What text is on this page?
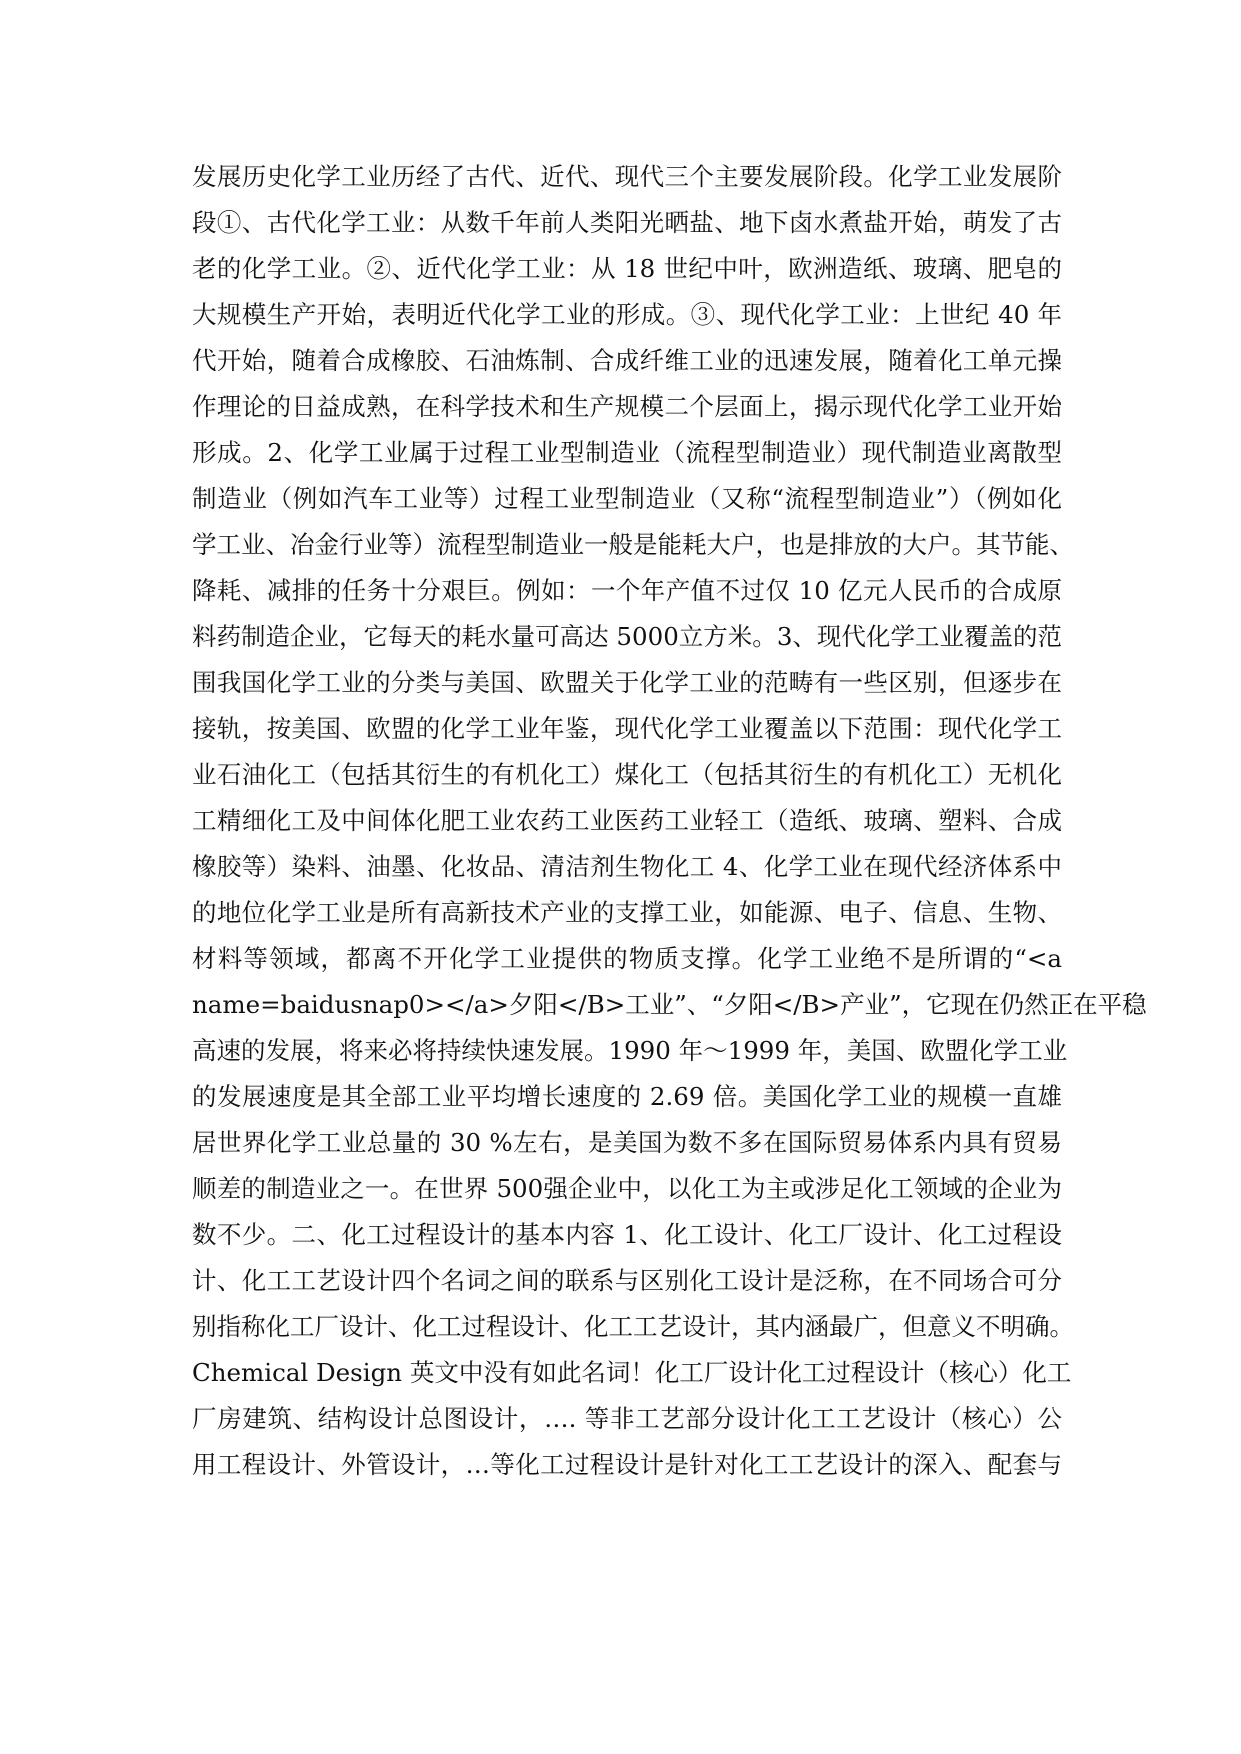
发展历史化学工业历经了古代、近代、现代三个主要发展阶段。化学工业发展阶
段①、古代化学工业：从数千年前人类阳光晒盐、地下卤水煮盐开始，萌发了古
老的化学工业。②、近代化学工业：从 18 世纪中叶，欧洲造纸、玻璃、肥皂的
大规模生产开始，表明近代化学工业的形成。③、现代化学工业：上世纪 40 年
代开始，随着合成橡胶、石油炼制、合成纤维工业的迅速发展，随着化工单元操
作理论的日益成熟，在科学技术和生产规模二个层面上，揭示现代化学工业开始
形成。2、化学工业属于过程工业型制造业（流程型制造业）现代制造业离散型
制造业（例如汽车工业等）过程工业型制造业（又称“流程型制造业”）（例如化
学工业、冶金行业等）流程型制造业一般是能耗大户，也是排放的大户。其节能、
降耗、减排的任务十分艰巨。例如：一个年产值不过仅 10 亿元人民币的合成原
料药制造企业，它每天的耗水量可高达 5000立方米。3、现代化学工业覆盖的范
围我国化学工业的分类与美国、欧盟关于化学工业的范畴有一些区别，但逐步在
接轨，按美国、欧盟的化学工业年鉴，现代化学工业覆盖以下范围：现代化学工
业石油化工（包括其衍生的有机化工）煤化工（包括其衍生的有机化工）无机化
工精细化工及中间体化肥工业农药工业医药工业轻工（造纸、玻璃、塑料、合成
橡胶等）染料、油墨、化妆品、清洁剂生物化工 4、化学工业在现代经济体系中
的地位化学工业是所有高新技术产业的支撑工业，如能源、电子、信息、生物、
材料等领域，都离不开化学工业提供的物质支撑。化学工业绝不是所谓的“<a
name=baidusnap0></a>夕阳</B>工业”、“夕阳</B>产业”，它现在仍然正在平稳
高速的发展，将来必将持续快速发展。1990 年～1999 年，美国、欧盟化学工业
的发展速度是其全部工业平均增长速度的 2.69 倍。美国化学工业的规模一直雄
居世界化学工业总量的 30 %左右，是美国为数不多在国际贸易体系内具有贸易
顺差的制造业之一。在世界 500强企业中，以化工为主或涉足化工领域的企业为
数不少。二、化工过程设计的基本内容 1、化工设计、化工厂设计、化工过程设
计、化工工艺设计四个名词之间的联系与区别化工设计是泛称，在不同场合可分
别指称化工厂设计、化工过程设计、化工工艺设计，其内涵最广，但意义不明确。
Chemical Design 英文中没有如此名词！化工厂设计化工过程设计（核心）化工
厂房建筑、结构设计总图设计，…. 等非工艺部分设计化工工艺设计（核心）公
用工程设计、外管设计，…等化工过程设计是针对化工工艺设计的深入、配套与
